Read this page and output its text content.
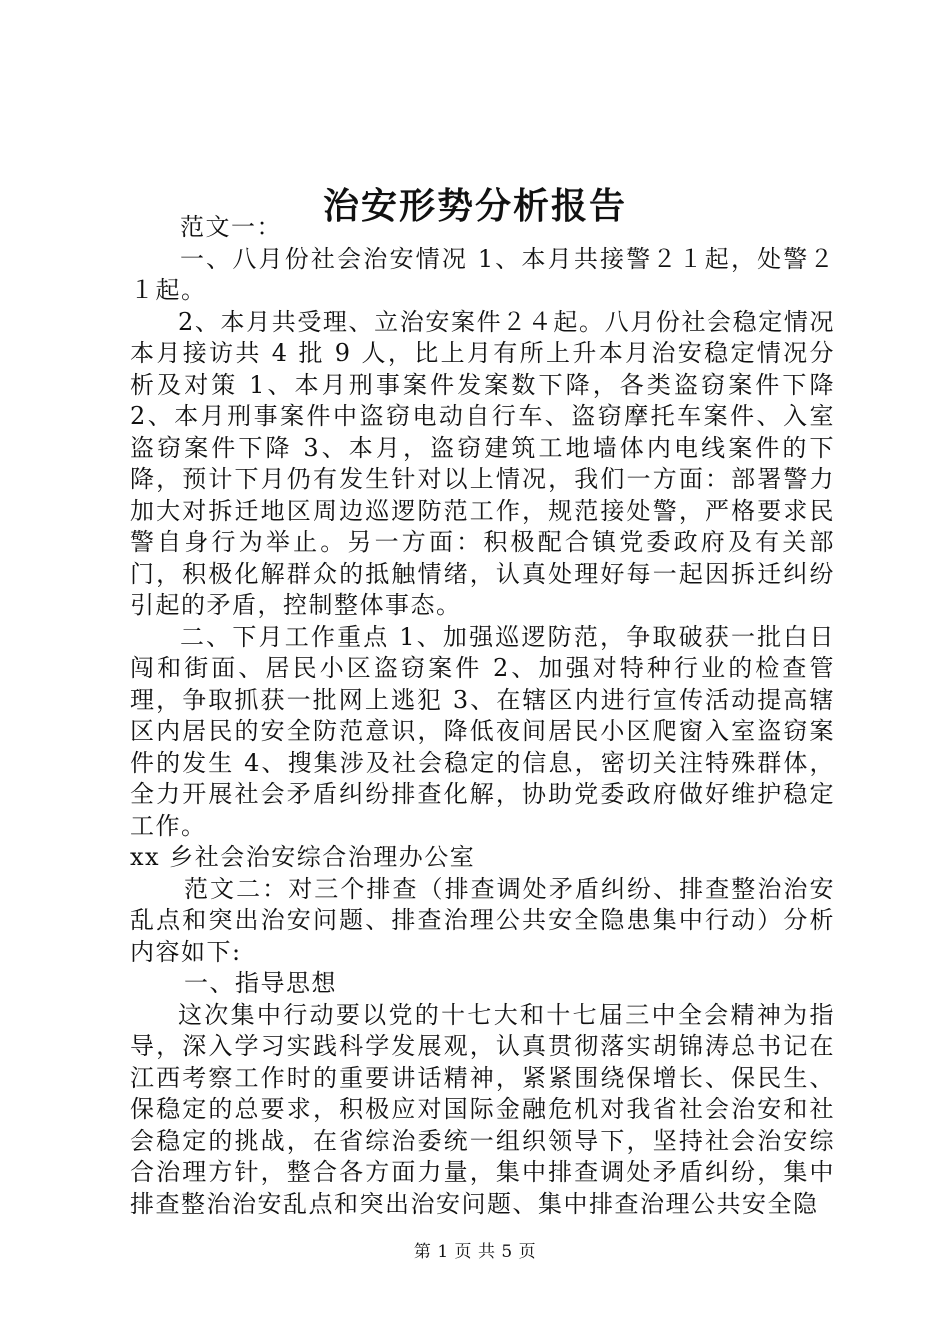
治安形势分析报告

范文一：

一、八月份社会治安情况 1、本月共接警２１起，处警２１起。

2、本月共受理、立治安案件２４起。八月份社会稳定情况本月接访共 4 批 9 人，比上月有所上升本月治安稳定情况分析及对策 1、本月刑事案件发案数下降，各类盗窃案件下降 2、本月刑事案件中盗窃电动自行车、盗窃摩托车案件、入室盗窃案件下降 3、本月，盗窃建筑工地墙体内电线案件的下降，预计下月仍有发生针对以上情况，我们一方面：部署警力加大对拆迁地区周边巡逻防范工作，规范接处警，严格要求民警自身行为举止。另一方面：积极配合镇党委政府及有关部门，积极化解群众的抵触情绪，认真处理好每一起因拆迁纠纷引起的矛盾，控制整体事态。

二、下月工作重点 1、加强巡逻防范，争取破获一批白日闯和街面、居民小区盗窃案件 2、加强对特种行业的检查管理，争取抓获一批网上逃犯 3、在辖区内进行宣传活动提高辖区内居民的安全防范意识，降低夜间居民小区爬窗入室盗窃案件的发生 4、搜集涉及社会稳定的信息，密切关注特殊群体，全力开展社会矛盾纠纷排查化解，协助党委政府做好维护稳定工作。

xx 乡社会治安综合治理办公室

范文二：对三个排查（排查调处矛盾纠纷、排查整治治安乱点和突出治安问题、排查治理公共安全隐患集中行动）分析内容如下:

一、指导思想

这次集中行动要以党的十七大和十七届三中全会精神为指导，深入学习实践科学发展观，认真贯彻落实胡锦涛总书记在江西考察工作时的重要讲话精神，紧紧围绕保增长、保民生、保稳定的总要求，积极应对国际金融危机对我省社会治安和社会稳定的挑战，在省综治委统一组织领导下，坚持社会治安综合治理方针，整合各方面力量，集中排查调处矛盾纠纷，集中排查整治治安乱点和突出治安问题、集中排查治理公共安全隐

第 1 页 共 5 页
